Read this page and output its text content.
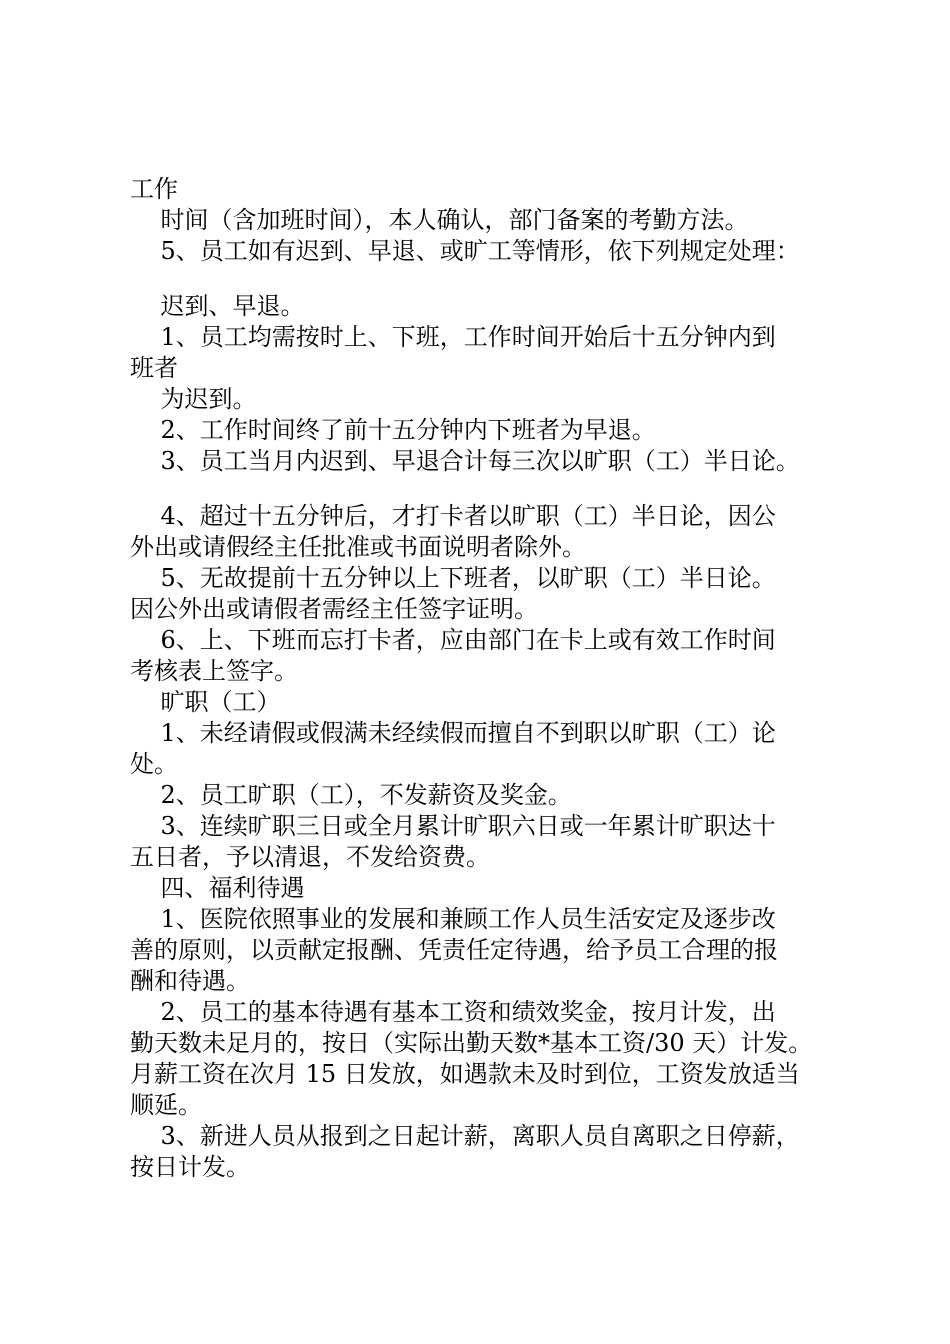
工作
时间（含加班时间），本人确认，部门备案的考勤方法。
5、员工如有迟到、早退、或旷工等情形，依下列规定处理：
迟到、早退。
1、员工均需按时上、下班，工作时间开始后十五分钟内到
班者
为迟到。
2、工作时间终了前十五分钟内下班者为早退。
3、员工当月内迟到、早退合计每三次以旷职（工）半日论。
4、超过十五分钟后，才打卡者以旷职（工）半日论，因公
外出或请假经主任批准或书面说明者除外。
5、无故提前十五分钟以上下班者，以旷职（工）半日论。
因公外出或请假者需经主任签字证明。
6、上、下班而忘打卡者，应由部门在卡上或有效工作时间
考核表上签字。
旷职（工）
1、未经请假或假满未经续假而擅自不到职以旷职（工）论
处。
2、员工旷职（工），不发薪资及奖金。
3、连续旷职三日或全月累计旷职六日或一年累计旷职达十
五日者，予以清退，不发给资费。
四、福利待遇
1、医院依照事业的发展和兼顾工作人员生活安定及逐步改
善的原则，以贡献定报酬、凭责任定待遇，给予员工合理的报
酬和待遇。
2、员工的基本待遇有基本工资和绩效奖金，按月计发，出
勤天数未足月的，按日（实际出勤天数*基本工资/30 天）计发。
月薪工资在次月 15 日发放，如遇款未及时到位，工资发放适当
顺延。
3、新进人员从报到之日起计薪，离职人员自离职之日停薪，
按日计发。
